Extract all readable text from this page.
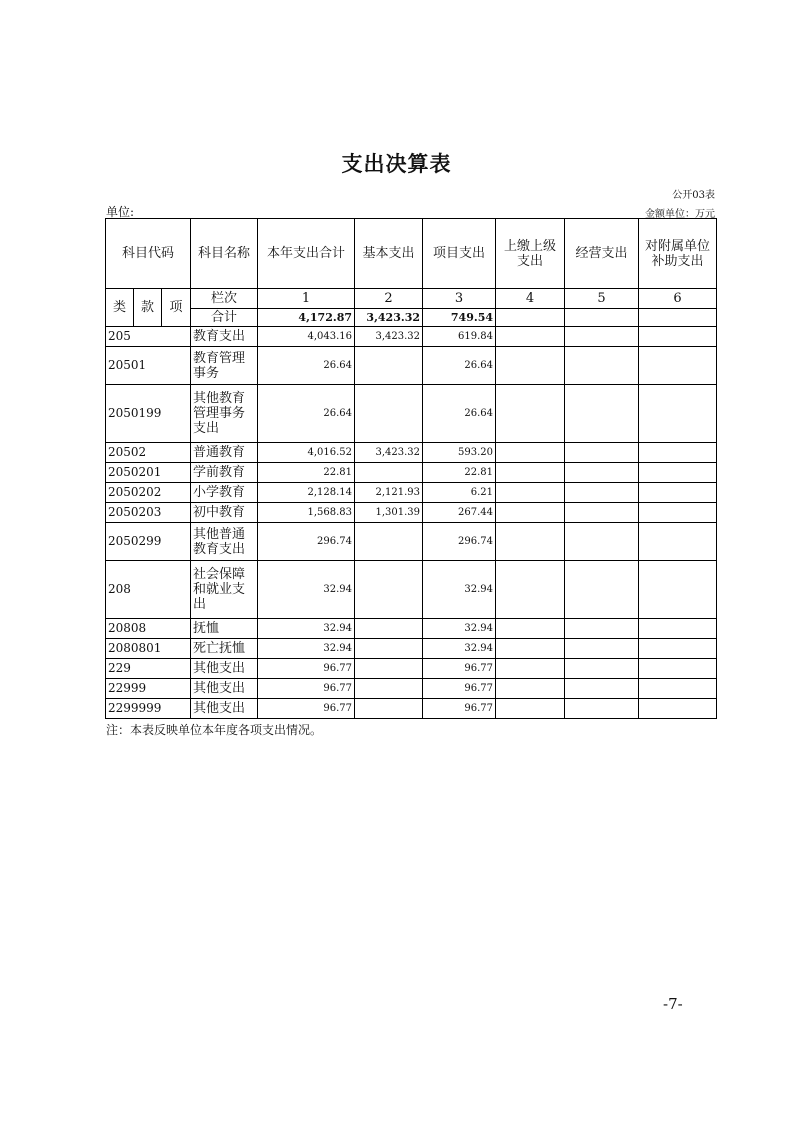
支出决算表
公开03表
单位:	金额单位：万元
科目代码			科目名称	本年支出合计	基本支出	项目支出	上缴上级支出	经营支出	对附属单位补助支出
类	款	项	栏次	1	2	3	4	5	6
			合计	4,172.87	3,423.32	749.54			
205			教育支出	4,043.16	3,423.32	619.84			
20501			教育管理事务	26.64		26.64			
2050199			其他教育管理事务支出	26.64		26.64			
20502			普通教育	4,016.52	3,423.32	593.20			
2050201			学前教育	22.81		22.81			
2050202			小学教育	2,128.14	2,121.93	6.21			
2050203			初中教育	1,568.83	1,301.39	267.44			
2050299			其他普通教育支出	296.74		296.74			
208			社会保障和就业支出	32.94		32.94			
20808			抚恤	32.94		32.94			
2080801			死亡抚恤	32.94		32.94			
229			其他支出	96.77		96.77			
22999			其他支出	96.77		96.77			
2299999			其他支出	96.77		96.77			
注：本表反映单位本年度各项支出情况。
-7-
